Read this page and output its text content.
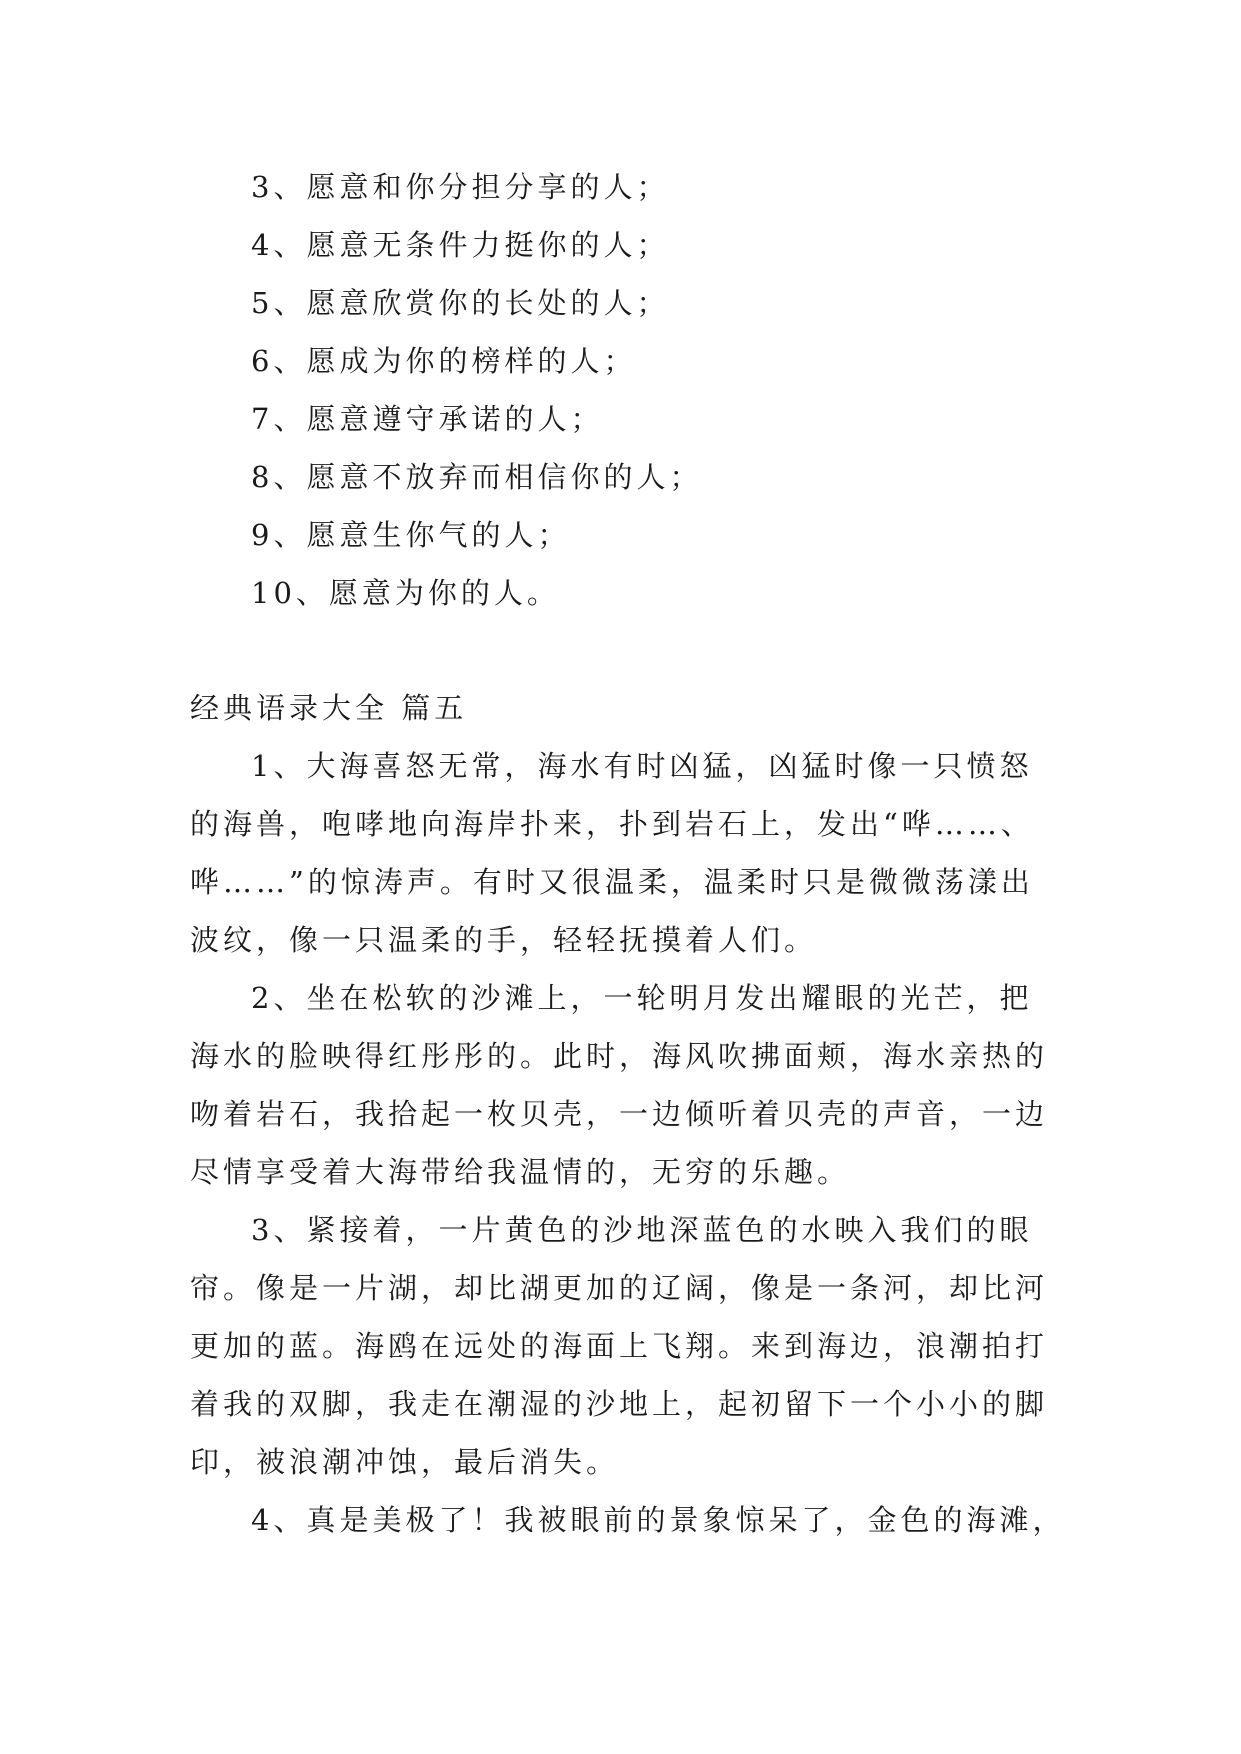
3、愿意和你分担分享的人；
4、愿意无条件力挺你的人；
5、愿意欣赏你的长处的人；
6、愿成为你的榜样的人；
7、愿意遵守承诺的人；
8、愿意不放弃而相信你的人；
9、愿意生你气的人；
10、愿意为你的人。
经典语录大全 篇五
1、大海喜怒无常，海水有时凶猛，凶猛时像一只愤怒
的海兽，咆哮地向海岸扑来，扑到岩石上，发出“哗……、
哗……”的惊涛声。有时又很温柔，温柔时只是微微荡漾出
波纹，像一只温柔的手，轻轻抚摸着人们。
2、坐在松软的沙滩上，一轮明月发出耀眼的光芒，把
海水的脸映得红彤彤的。此时，海风吹拂面颊，海水亲热的
吻着岩石，我拾起一枚贝壳，一边倾听着贝壳的声音，一边
尽情享受着大海带给我温情的，无穷的乐趣。
3、紧接着，一片黄色的沙地深蓝色的水映入我们的眼
帘。像是一片湖，却比湖更加的辽阔，像是一条河，却比河
更加的蓝。海鸥在远处的海面上飞翔。来到海边，浪潮拍打
着我的双脚，我走在潮湿的沙地上，起初留下一个小小的脚
印，被浪潮冲蚀，最后消失。
4、真是美极了！我被眼前的景象惊呆了，金色的海滩，
